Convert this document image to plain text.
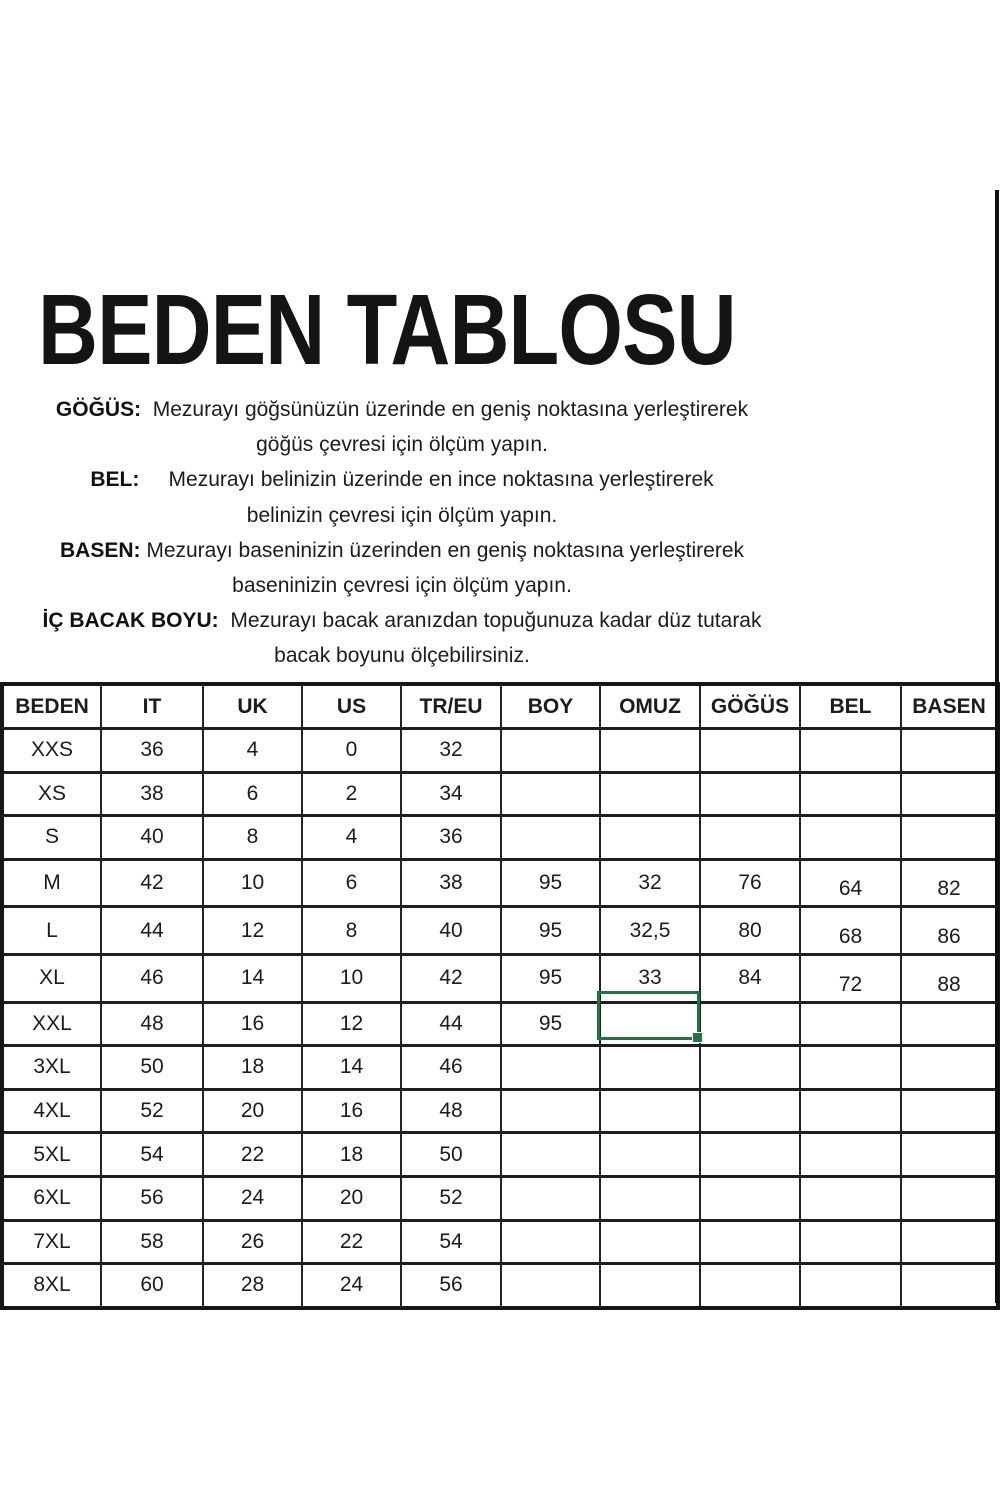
BEDEN TABLOSU
GÖĞÜS:  Mezurayı göğsünüzün üzerinde en geniş noktasına yerleştirerek
göğüs çevresi için ölçüm yapın.
BEL:     Mezurayı belinizin üzerinde en ince noktasına yerleştirerek
belinizin çevresi için ölçüm yapın.
BASEN: Mezurayı baseninizin üzerinden en geniş noktasına yerleştirerek
baseninizin çevresi için ölçüm yapın.
İÇ BACAK BOYU:  Mezurayı bacak aranızdan topuğunuza kadar düz tutarak
bacak boyunu ölçebilirsiniz.
BEDEN	IT	UK	US	TR/EU	BOY	OMUZ	GÖĞÜS	BEL	BASEN
XXS	36	4	0	32					
XS	38	6	2	34					
S	40	8	4	36					
M	42	10	6	38	95	32	76	64	82
L	44	12	8	40	95	32,5	80	68	86
XL	46	14	10	42	95	33	84	72	88
XXL	48	16	12	44	95				
3XL	50	18	14	46					
4XL	52	20	16	48					
5XL	54	22	18	50					
6XL	56	24	20	52					
7XL	58	26	22	54					
8XL	60	28	24	56					
